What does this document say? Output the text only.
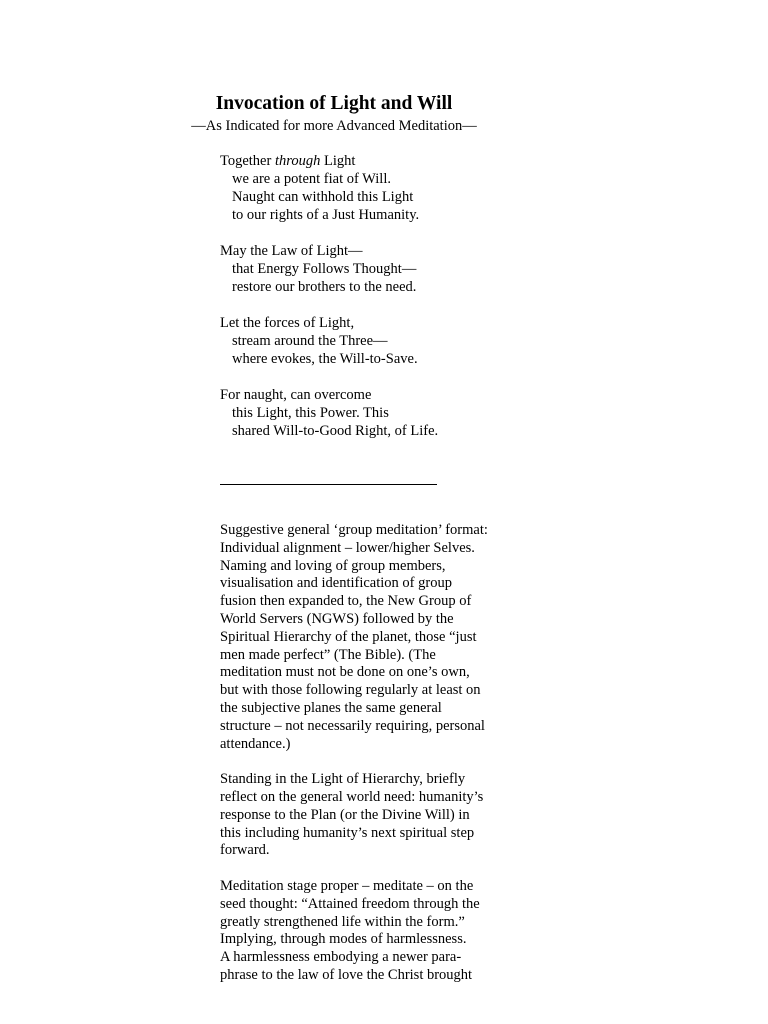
Invocation of Light and Will
—As Indicated for more Advanced Meditation—
Together through Light
we are a potent fiat of Will.
Naught can withhold this Light
to our rights of a Just Humanity.
May the Law of Light—
that Energy Follows Thought—
restore our brothers to the need.
Let the forces of Light,
stream around the Three—
where evokes, the Will-to-Save.
For naught, can overcome
this Light, this Power. This
shared Will-to-Good Right, of Life.
Suggestive general ‘group meditation’ format:
Individual alignment – lower/higher Selves.
Naming and loving of group members,
visualisation and identification of group
fusion then expanded to, the New Group of
World Servers (NGWS) followed by the
Spiritual Hierarchy of the planet, those “just
men made perfect” (The Bible). (The
meditation must not be done on one’s own,
but with those following regularly at least on
the subjective planes the same general
structure – not necessarily requiring, personal
attendance.)
Standing in the Light of Hierarchy, briefly
reflect on the general world need: humanity’s
response to the Plan (or the Divine Will) in
this including humanity’s next spiritual step
forward.
Meditation stage proper – meditate – on the
seed thought: “Attained freedom through the
greatly strengthened life within the form.”
Implying, through modes of harmlessness.
A harmlessness embodying a newer para-
phrase to the law of love the Christ brought
